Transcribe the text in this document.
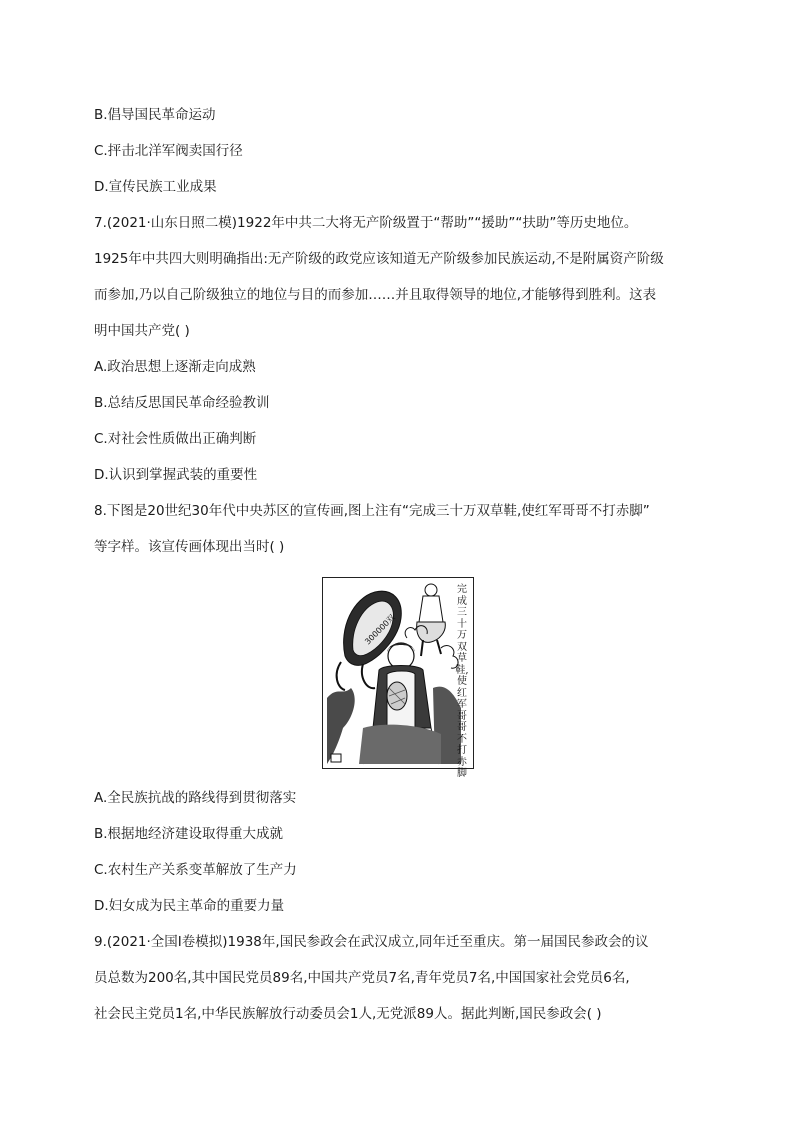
B.倡导国民革命运动
C.抨击北洋军阀卖国行径
D.宣传民族工业成果
7.(2021·山东日照二模)1922年中共二大将无产阶级置于“帮助”“援助”“扶助”等历史地位。
1925年中共四大则明确指出:无产阶级的政党应该知道无产阶级参加民族运动,不是附属资产阶级
而参加,乃以自己阶级独立的地位与目的而参加……并且取得领导的地位,才能够得到胜利。这表
明中国共产党( )
A.政治思想上逐渐走向成熟
B.总结反思国民革命经验教训
C.对社会性质做出正确判断
D.认识到掌握武装的重要性
8.下图是20世纪30年代中央苏区的宣传画,图上注有“完成三十万双草鞋,使红军哥哥不打赤脚”
等字样。该宣传画体现出当时( )
300000双
完成三十万双草鞋,使红军哥哥不打赤脚
A.全民族抗战的路线得到贯彻落实
B.根据地经济建设取得重大成就
C.农村生产关系变革解放了生产力
D.妇女成为民主革命的重要力量
9.(2021·全国Ⅰ卷模拟)1938年,国民参政会在武汉成立,同年迁至重庆。第一届国民参政会的议
员总数为200名,其中国民党员89名,中国共产党员7名,青年党员7名,中国国家社会党员6名,
社会民主党员1名,中华民族解放行动委员会1人,无党派89人。据此判断,国民参政会( )
